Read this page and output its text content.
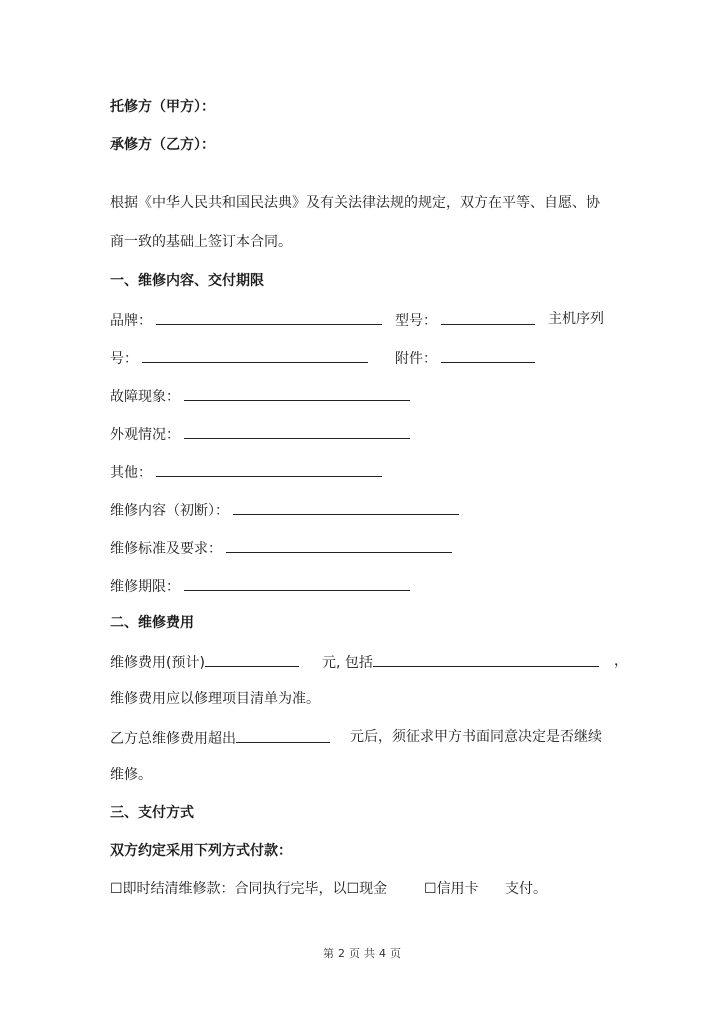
托修方（甲方）：
承修方（乙方）：
根据《中华人民共和国民法典》及有关法律法规的规定，双方在平等、自愿、协
商一致的基础上签订本合同。
一、维修内容、交付期限
品牌：	型号：	主机序列
号：	附件：
故障现象：
外观情况：
其他：
维修内容（初断）：
维修标准及要求：
维修期限：
二、维修费用
维修费用(预计)	元, 包括	，
维修费用应以修理项目清单为准。
乙方总维修费用超出	元后，须征求甲方书面同意决定是否继续
维修。
三、支付方式
双方约定采用下列方式付款：
☐即时结清维修款：合同执行完毕，以☐现金	☐信用卡 支付。
第 2 页 共 4 页
